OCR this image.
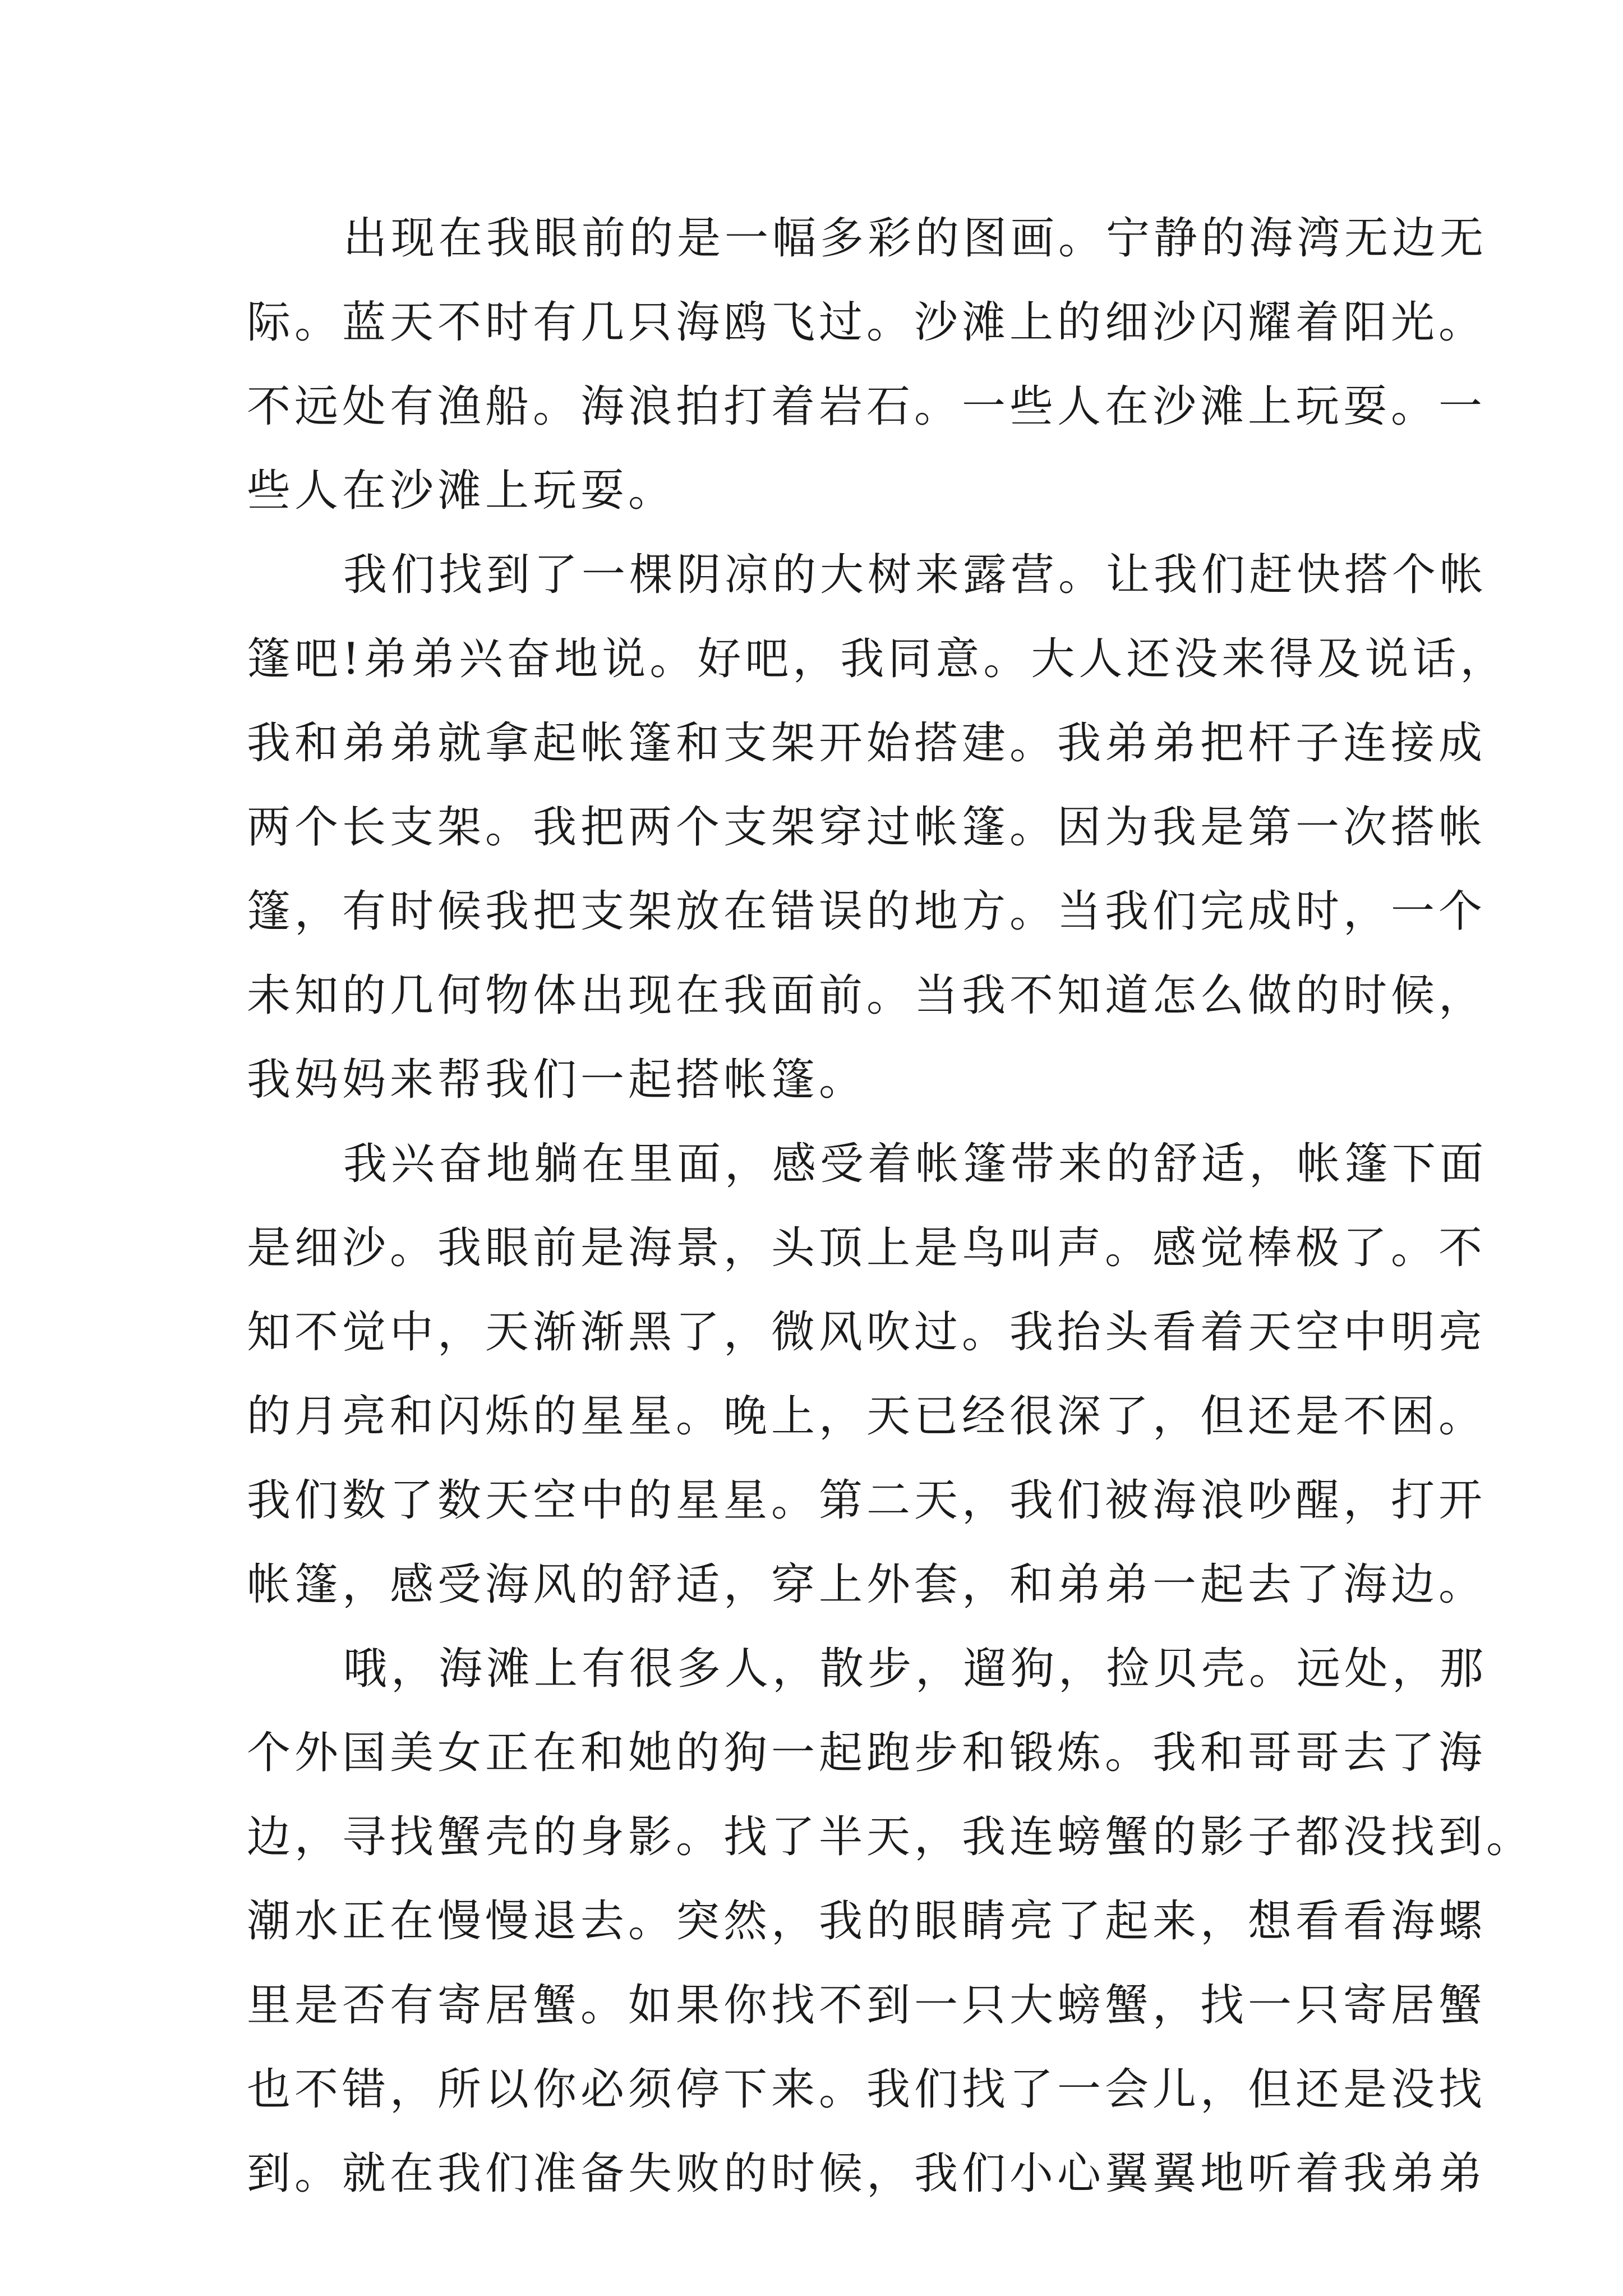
出现在我眼前的是一幅多彩的图画。宁静的海湾无边无
际。蓝天不时有几只海鸥飞过。沙滩上的细沙闪耀着阳光。
不远处有渔船。海浪拍打着岩石。一些人在沙滩上玩耍。一
些人在沙滩上玩耍。

我们找到了一棵阴凉的大树来露营。让我们赶快搭个帐
篷吧!弟弟兴奋地说。好吧，我同意。大人还没来得及说话，
我和弟弟就拿起帐篷和支架开始搭建。我弟弟把杆子连接成
两个长支架。我把两个支架穿过帐篷。因为我是第一次搭帐
篷，有时候我把支架放在错误的地方。当我们完成时，一个
未知的几何物体出现在我面前。当我不知道怎么做的时候，
我妈妈来帮我们一起搭帐篷。

我兴奋地躺在里面，感受着帐篷带来的舒适，帐篷下面
是细沙。我眼前是海景，头顶上是鸟叫声。感觉棒极了。不
知不觉中，天渐渐黑了，微风吹过。我抬头看着天空中明亮
的月亮和闪烁的星星。晚上，天已经很深了，但还是不困。
我们数了数天空中的星星。第二天，我们被海浪吵醒，打开
帐篷，感受海风的舒适，穿上外套，和弟弟一起去了海边。

哦，海滩上有很多人，散步，遛狗，捡贝壳。远处，那
个外国美女正在和她的狗一起跑步和锻炼。我和哥哥去了海
边，寻找蟹壳的身影。找了半天，我连螃蟹的影子都没找到。
潮水正在慢慢退去。突然，我的眼睛亮了起来，想看看海螺
里是否有寄居蟹。如果你找不到一只大螃蟹，找一只寄居蟹
也不错，所以你必须停下来。我们找了一会儿，但还是没找
到。就在我们准备失败的时候，我们小心翼翼地听着我弟弟
